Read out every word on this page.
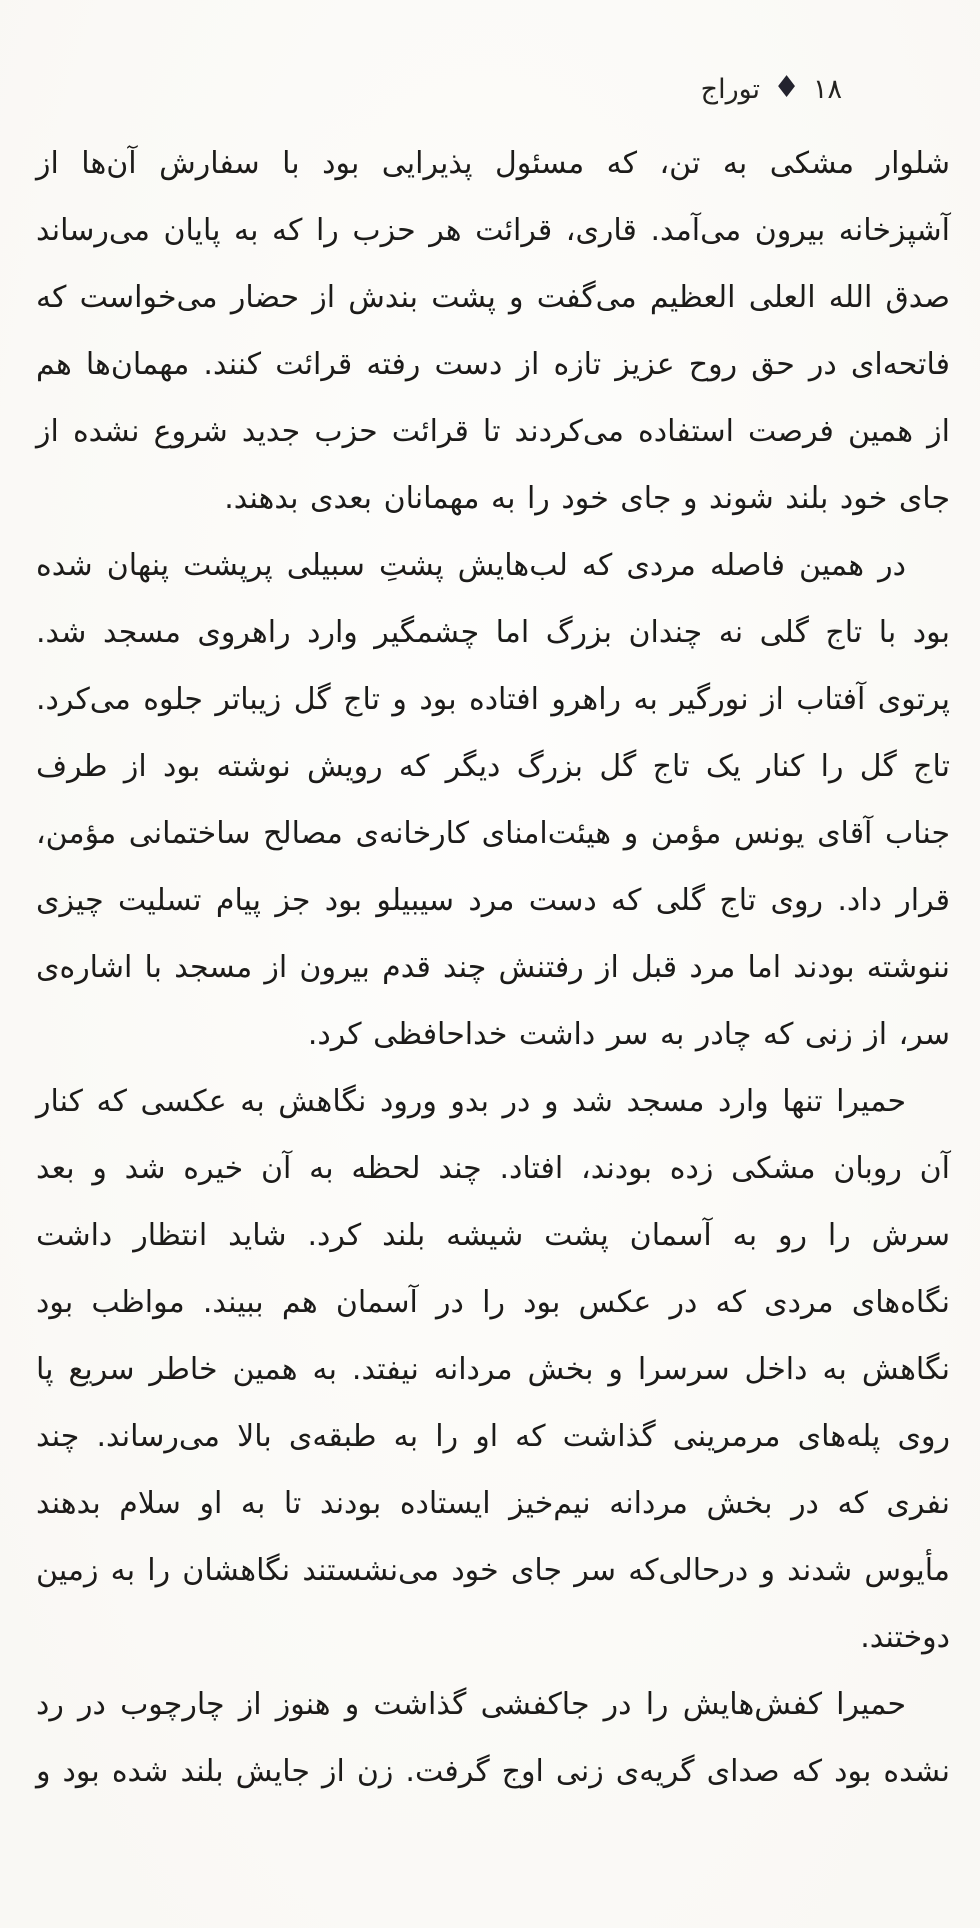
۱۸
♦
توراج

شلوار مشکی به تن، که مسئول پذیرایی بود با سفارش آن‌ها از آشپزخانه بیرون می‌آمد. قاری، قرائت هر حزب را که به پایان می‌رساند صدق الله العلی العظیم می‌گفت و پشت بندش از حضار می‌خواست که فاتحه‌ای در حق روح عزیز تازه از دست رفته قرائت کنند. مهمان‌ها هم از همین فرصت استفاده می‌کردند تا قرائت حزب جدید شروع نشده از جای خود بلند شوند و جای خود را به مهمانان بعدی بدهند.

در همین فاصله مردی که لب‌هایش پشتِ سبیلی پرپشت پنهان شده بود با تاج گلی نه چندان بزرگ اما چشمگیر وارد راهروی مسجد شد. پرتوی آفتاب از نورگیر به راهرو افتاده بود و تاج گل زیباتر جلوه می‌کرد. تاج گل را کنار یک تاج گل بزرگ دیگر که رویش نوشته بود از طرف جناب آقای یونس مؤمن و هیئت‌امنای کارخانه‌ی مصالح ساختمانی مؤمن، قرار داد. روی تاج گلی که دست مرد سیبیلو بود جز پیام تسلیت چیزی ننوشته بودند اما مرد قبل از رفتنش چند قدم بیرون از مسجد با اشاره‌ی سر، از زنی که چادر به سر داشت خداحافظی کرد.

حمیرا تنها وارد مسجد شد و در بدو ورود نگاهش به عکسی که کنار آن روبان مشکی زده بودند، افتاد. چند لحظه به آن خیره شد و بعد سرش را رو به آسمان پشت شیشه بلند کرد. شاید انتظار داشت نگاه‌های مردی که در عکس بود را در آسمان هم ببیند. مواظب بود نگاهش به داخل سرسرا و بخش مردانه نیفتد. به همین خاطر سریع پا روی پله‌های مرمرینی گذاشت که او را به طبقه‌ی بالا می‌رساند. چند نفری که در بخش مردانه نیم‌خیز ایستاده بودند تا به او سلام بدهند مأیوس شدند و درحالی‌که سر جای خود می‌نشستند نگاهشان را به زمین دوختند.

حمیرا کفش‌هایش را در جاکفشی گذاشت و هنوز از چارچوب در رد نشده بود که صدای گریه‌ی زنی اوج گرفت. زن از جایش بلند شده بود و
